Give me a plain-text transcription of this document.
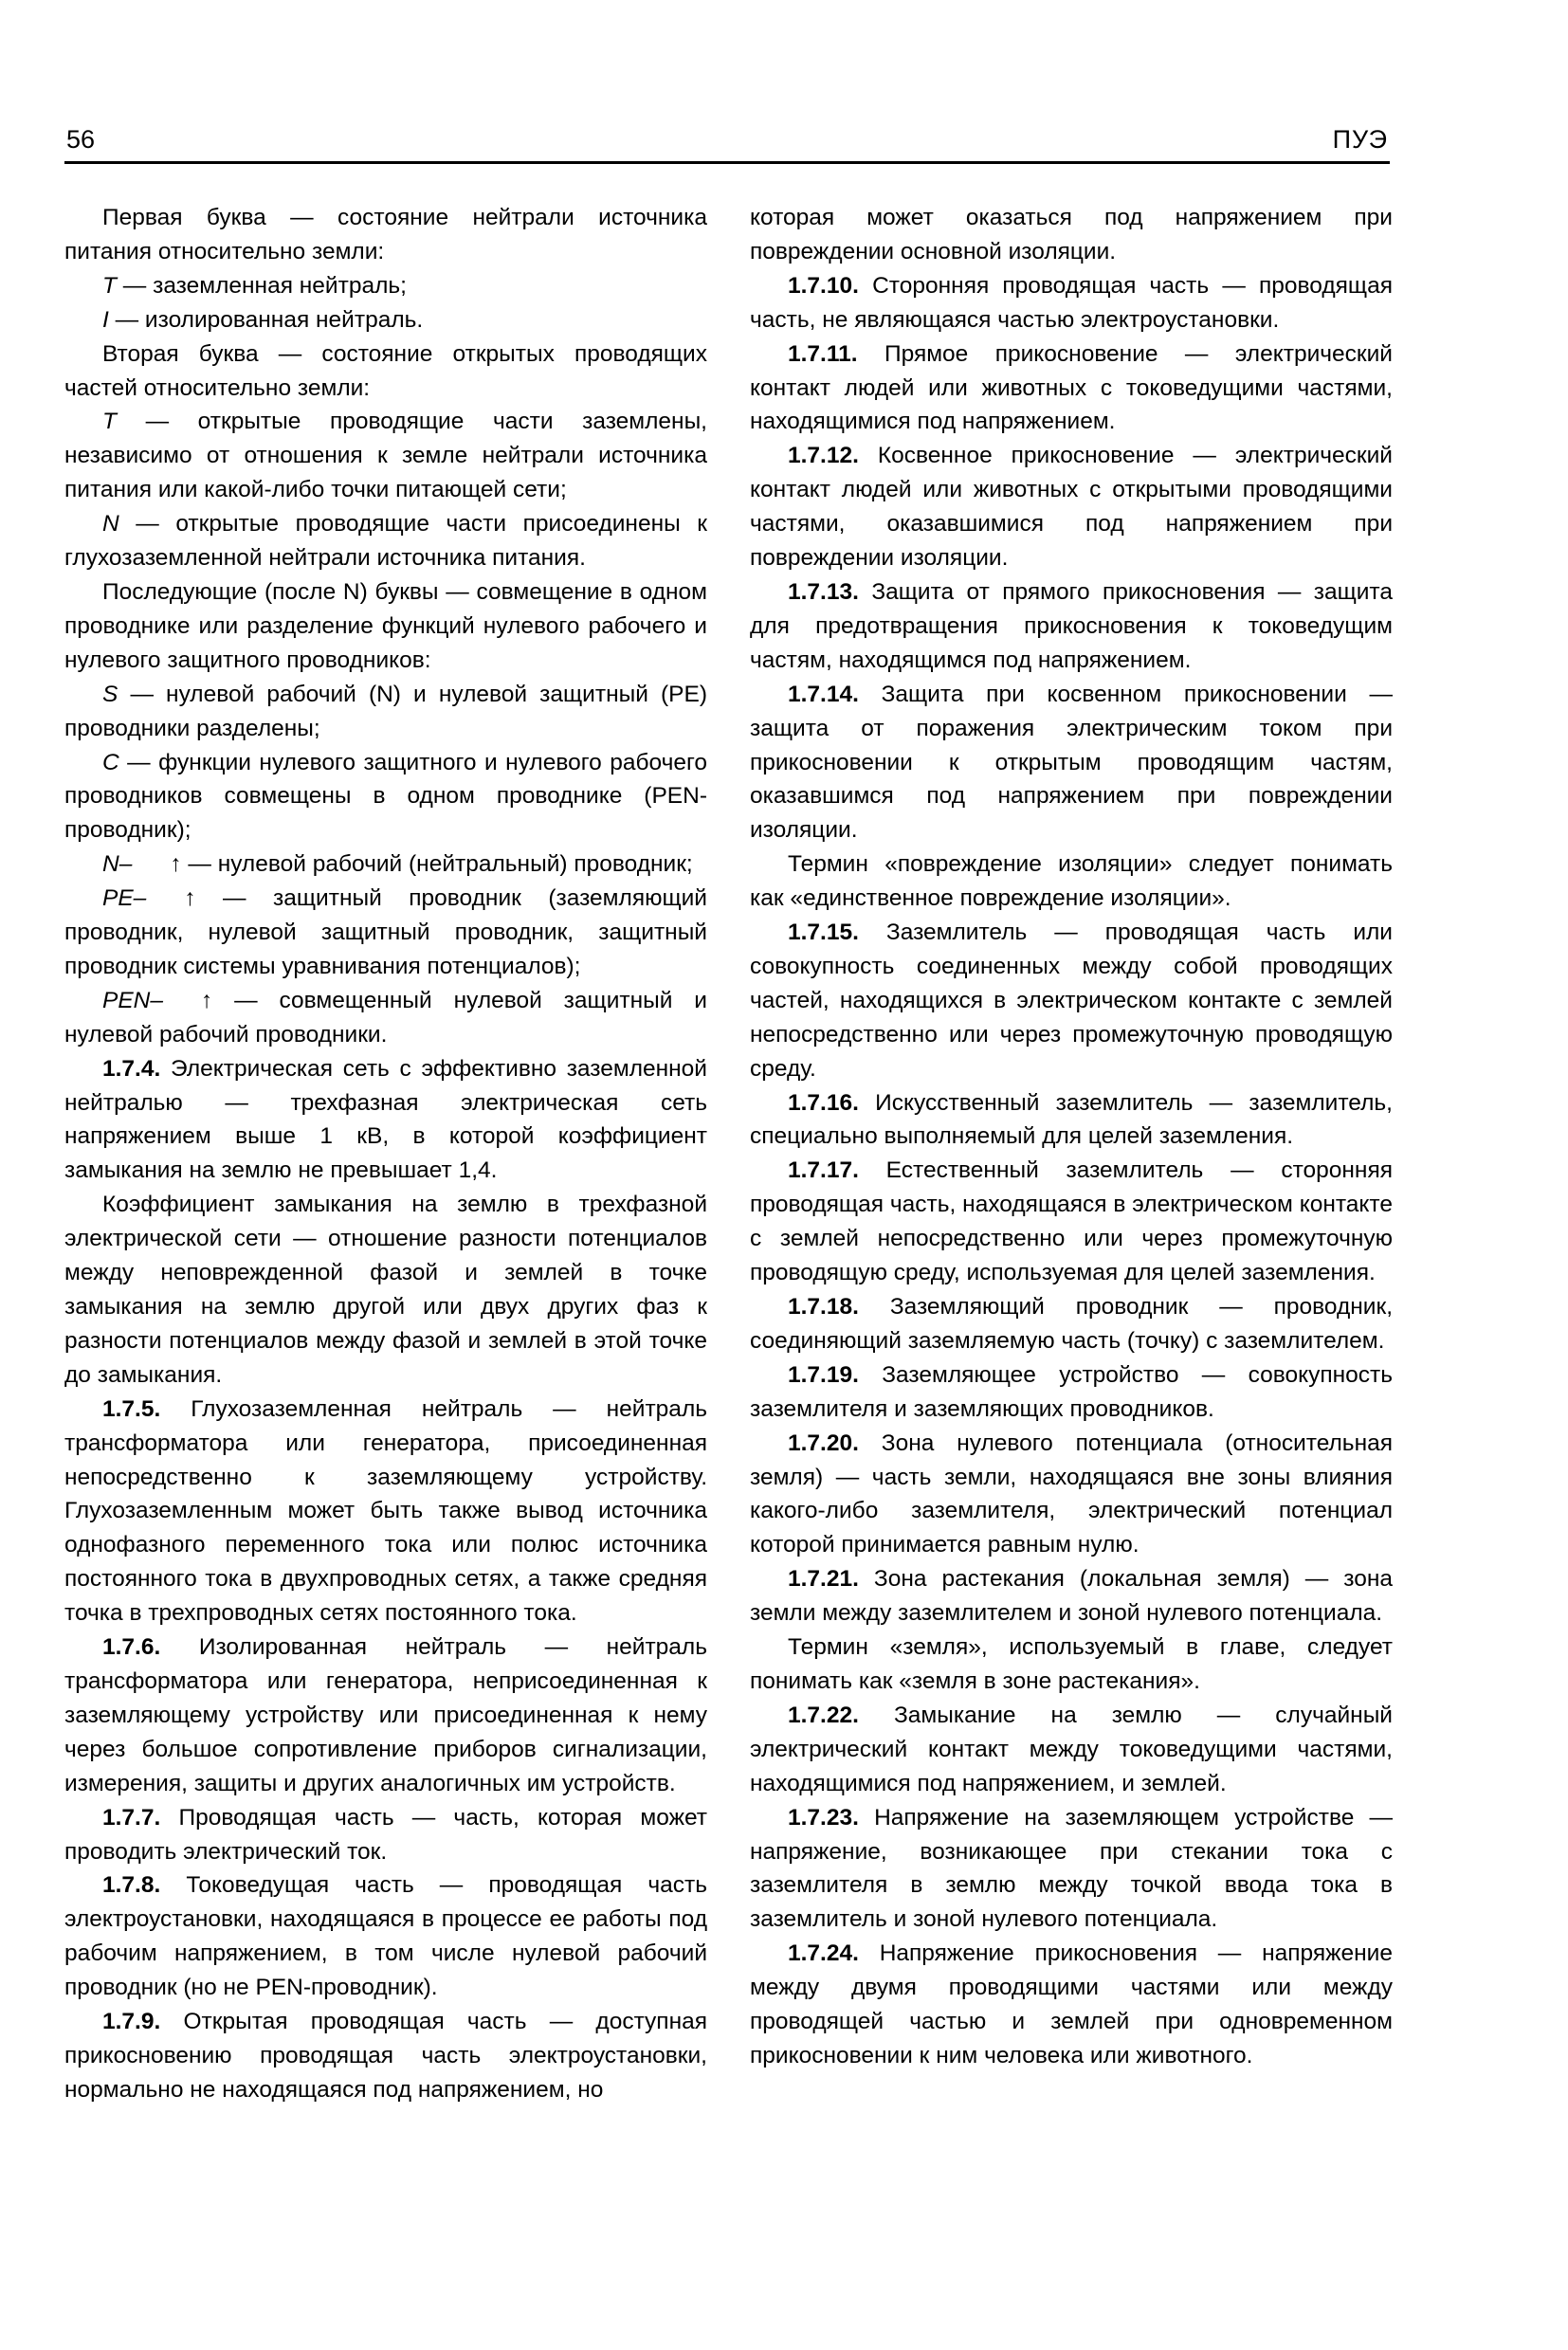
56	ПУЭ

Первая буква — состояние нейтрали источника питания относительно земли:

T — заземленная нейтраль;

I — изолированная нейтраль.

Вторая буква — состояние открытых проводящих частей относительно земли:

T — открытые проводящие части заземлены, независимо от отношения к земле нейтрали источника питания или какой-либо точки питающей сети;

N — открытые проводящие части присоединены к глухозаземленной нейтрали источника питания.

Последующие (после N) буквы — совмещение в одном проводнике или разделение функций нулевого рабочего и нулевого защитного проводников:

S — нулевой рабочий (N) и нулевой защитный (PE) проводники разделены;

C — функции нулевого защитного и нулевого рабочего проводников совмещены в одном проводнике (PEN-проводник);

N– ↑ — нулевой рабочий (нейтральный) проводник;

PE– ↑ — защитный проводник (заземляющий проводник, нулевой защитный проводник, защитный проводник системы уравнивания потенциалов);

PEN– ↑ — совмещенный нулевой защитный и нулевой рабочий проводники.

1.7.4. Электрическая сеть с эффективно заземленной нейтралью — трехфазная электрическая сеть напряжением выше 1 кВ, в которой коэффициент замыкания на землю не превышает 1,4.

Коэффициент замыкания на землю в трехфазной электрической сети — отношение разности потенциалов между неповрежденной фазой и землей в точке замыкания на землю другой или двух других фаз к разности потенциалов между фазой и землей в этой точке до замыкания.

1.7.5. Глухозаземленная нейтраль — нейтраль трансформатора или генератора, присоединенная непосредственно к заземляющему устройству. Глухозаземленным может быть также вывод источника однофазного переменного тока или полюс источника постоянного тока в двухпроводных сетях, а также средняя точка в трехпроводных сетях постоянного тока.

1.7.6. Изолированная нейтраль — нейтраль трансформатора или генератора, неприсоединенная к заземляющему устройству или присоединенная к нему через большое сопротивление приборов сигнализации, измерения, защиты и других аналогичных им устройств.

1.7.7. Проводящая часть — часть, которая может проводить электрический ток.

1.7.8. Токоведущая часть — проводящая часть электроустановки, находящаяся в процессе ее работы под рабочим напряжением, в том числе нулевой рабочий проводник (но не PEN-проводник).

1.7.9. Открытая проводящая часть — доступная прикосновению проводящая часть электроустановки, нормально не находящаяся под напряжением, но

которая может оказаться под напряжением при повреждении основной изоляции.

1.7.10. Сторонняя проводящая часть — проводящая часть, не являющаяся частью электроустановки.

1.7.11. Прямое прикосновение — электрический контакт людей или животных с токоведущими частями, находящимися под напряжением.

1.7.12. Косвенное прикосновение — электрический контакт людей или животных с открытыми проводящими частями, оказавшимися под напряжением при повреждении изоляции.

1.7.13. Защита от прямого прикосновения — защита для предотвращения прикосновения к токоведущим частям, находящимся под напряжением.

1.7.14. Защита при косвенном прикосновении — защита от поражения электрическим током при прикосновении к открытым проводящим частям, оказавшимся под напряжением при повреждении изоляции.

Термин «повреждение изоляции» следует понимать как «единственное повреждение изоляции».

1.7.15. Заземлитель — проводящая часть или совокупность соединенных между собой проводящих частей, находящихся в электрическом контакте с землей непосредственно или через промежуточную проводящую среду.

1.7.16. Искусственный заземлитель — заземлитель, специально выполняемый для целей заземления.

1.7.17. Естественный заземлитель — сторонняя проводящая часть, находящаяся в электрическом контакте с землей непосредственно или через промежуточную проводящую среду, используемая для целей заземления.

1.7.18. Заземляющий проводник — проводник, соединяющий заземляемую часть (точку) с заземлителем.

1.7.19. Заземляющее устройство — совокупность заземлителя и заземляющих проводников.

1.7.20. Зона нулевого потенциала (относительная земля) — часть земли, находящаяся вне зоны влияния какого-либо заземлителя, электрический потенциал которой принимается равным нулю.

1.7.21. Зона растекания (локальная земля) — зона земли между заземлителем и зоной нулевого потенциала.

Термин «земля», используемый в главе, следует понимать как «земля в зоне растекания».

1.7.22. Замыкание на землю — случайный электрический контакт между токоведущими частями, находящимися под напряжением, и землей.

1.7.23. Напряжение на заземляющем устройстве — напряжение, возникающее при стекании тока с заземлителя в землю между точкой ввода тока в заземлитель и зоной нулевого потенциала.

1.7.24. Напряжение прикосновения — напряжение между двумя проводящими частями или между проводящей частью и землей при одновременном прикосновении к ним человека или животного.
